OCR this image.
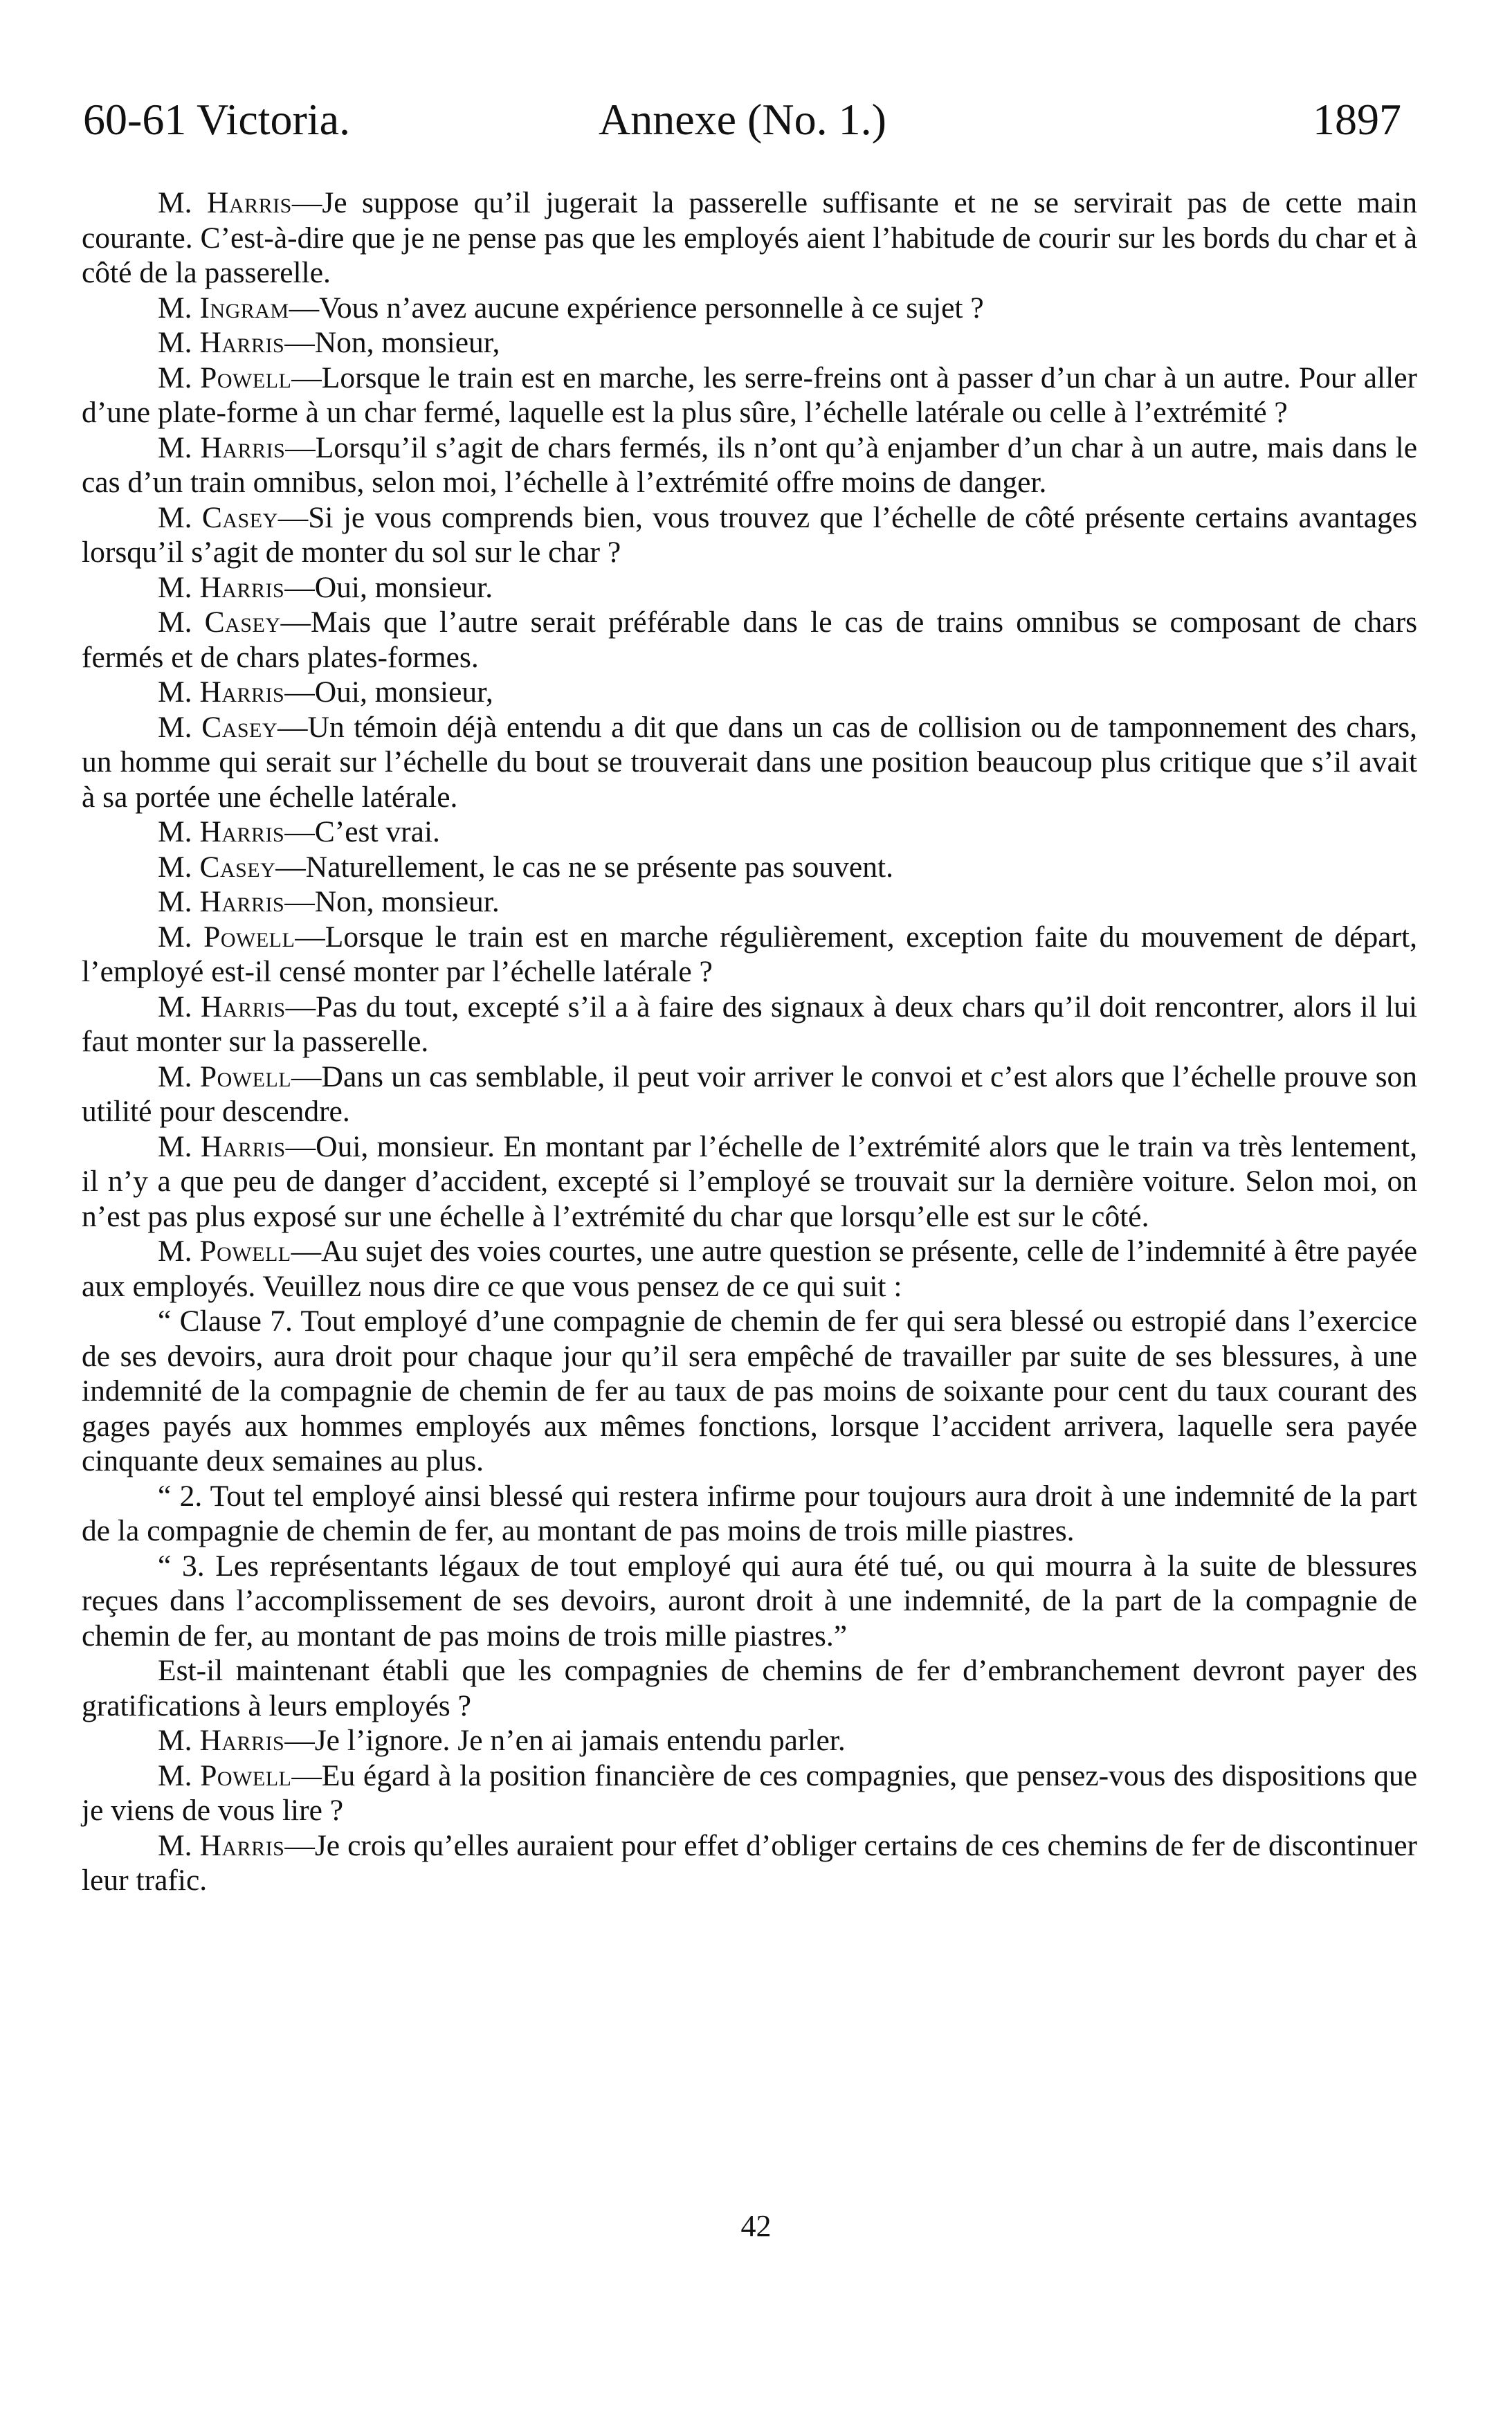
60-61 Victoria.	Annexe (No. 1.)	1897

M. Harris—Je suppose qu’il jugerait la passerelle suffisante et ne se servirait pas de cette main courante. C’est-à-dire que je ne pense pas que les employés aient l’habitude de courir sur les bords du char et à côté de la passerelle.

M. Ingram—Vous n’avez aucune expérience personnelle à ce sujet ?

M. Harris—Non, monsieur,

M. Powell—Lorsque le train est en marche, les serre-freins ont à passer d’un char à un autre. Pour aller d’une plate-forme à un char fermé, laquelle est la plus sûre, l’échelle latérale ou celle à l’extrémité ?

M. Harris—Lorsqu’il s’agit de chars fermés, ils n’ont qu’à enjamber d’un char à un autre, mais dans le cas d’un train omnibus, selon moi, l’échelle à l’extrémité offre moins de danger.

M. Casey—Si je vous comprends bien, vous trouvez que l’échelle de côté présente certains avantages lorsqu’il s’agit de monter du sol sur le char ?

M. Harris—Oui, monsieur.

M. Casey—Mais que l’autre serait préférable dans le cas de trains omnibus se composant de chars fermés et de chars plates-formes.

M. Harris—Oui, monsieur,

M. Casey—Un témoin déjà entendu a dit que dans un cas de collision ou de tamponnement des chars, un homme qui serait sur l’échelle du bout se trouverait dans une position beaucoup plus critique que s’il avait à sa portée une échelle latérale.

M. Harris—C’est vrai.

M. Casey—Naturellement, le cas ne se présente pas souvent.

M. Harris—Non, monsieur.

M. Powell—Lorsque le train est en marche régulièrement, exception faite du mouvement de départ, l’employé est-il censé monter par l’échelle latérale ?

M. Harris—Pas du tout, excepté s’il a à faire des signaux à deux chars qu’il doit rencontrer, alors il lui faut monter sur la passerelle.

M. Powell—Dans un cas semblable, il peut voir arriver le convoi et c’est alors que l’échelle prouve son utilité pour descendre.

M. Harris—Oui, monsieur. En montant par l’échelle de l’extrémité alors que le train va très lentement, il n’y a que peu de danger d’accident, excepté si l’employé se trouvait sur la dernière voiture. Selon moi, on n’est pas plus exposé sur une échelle à l’extrémité du char que lorsqu’elle est sur le côté.

M. Powell—Au sujet des voies courtes, une autre question se présente, celle de l’indemnité à être payée aux employés. Veuillez nous dire ce que vous pensez de ce qui suit :

“ Clause 7. Tout employé d’une compagnie de chemin de fer qui sera blessé ou estropié dans l’exercice de ses devoirs, aura droit pour chaque jour qu’il sera empêché de travailler par suite de ses blessures, à une indemnité de la compagnie de chemin de fer au taux de pas moins de soixante pour cent du taux courant des gages payés aux hommes employés aux mêmes fonctions, lorsque l’accident arrivera, laquelle sera payée cinquante deux semaines au plus.

“ 2. Tout tel employé ainsi blessé qui restera infirme pour toujours aura droit à une indemnité de la part de la compagnie de chemin de fer, au montant de pas moins de trois mille piastres.

“ 3. Les représentants légaux de tout employé qui aura été tué, ou qui mourra à la suite de blessures reçues dans l’accomplissement de ses devoirs, auront droit à une indemnité, de la part de la compagnie de chemin de fer, au montant de pas moins de trois mille piastres.”

Est-il maintenant établi que les compagnies de chemins de fer d’embranchement devront payer des gratifications à leurs employés ?

M. Harris—Je l’ignore. Je n’en ai jamais entendu parler.

M. Powell—Eu égard à la position financière de ces compagnies, que pensez-vous des dispositions que je viens de vous lire ?

M. Harris—Je crois qu’elles auraient pour effet d’obliger certains de ces chemins de fer de discontinuer leur trafic.

42
